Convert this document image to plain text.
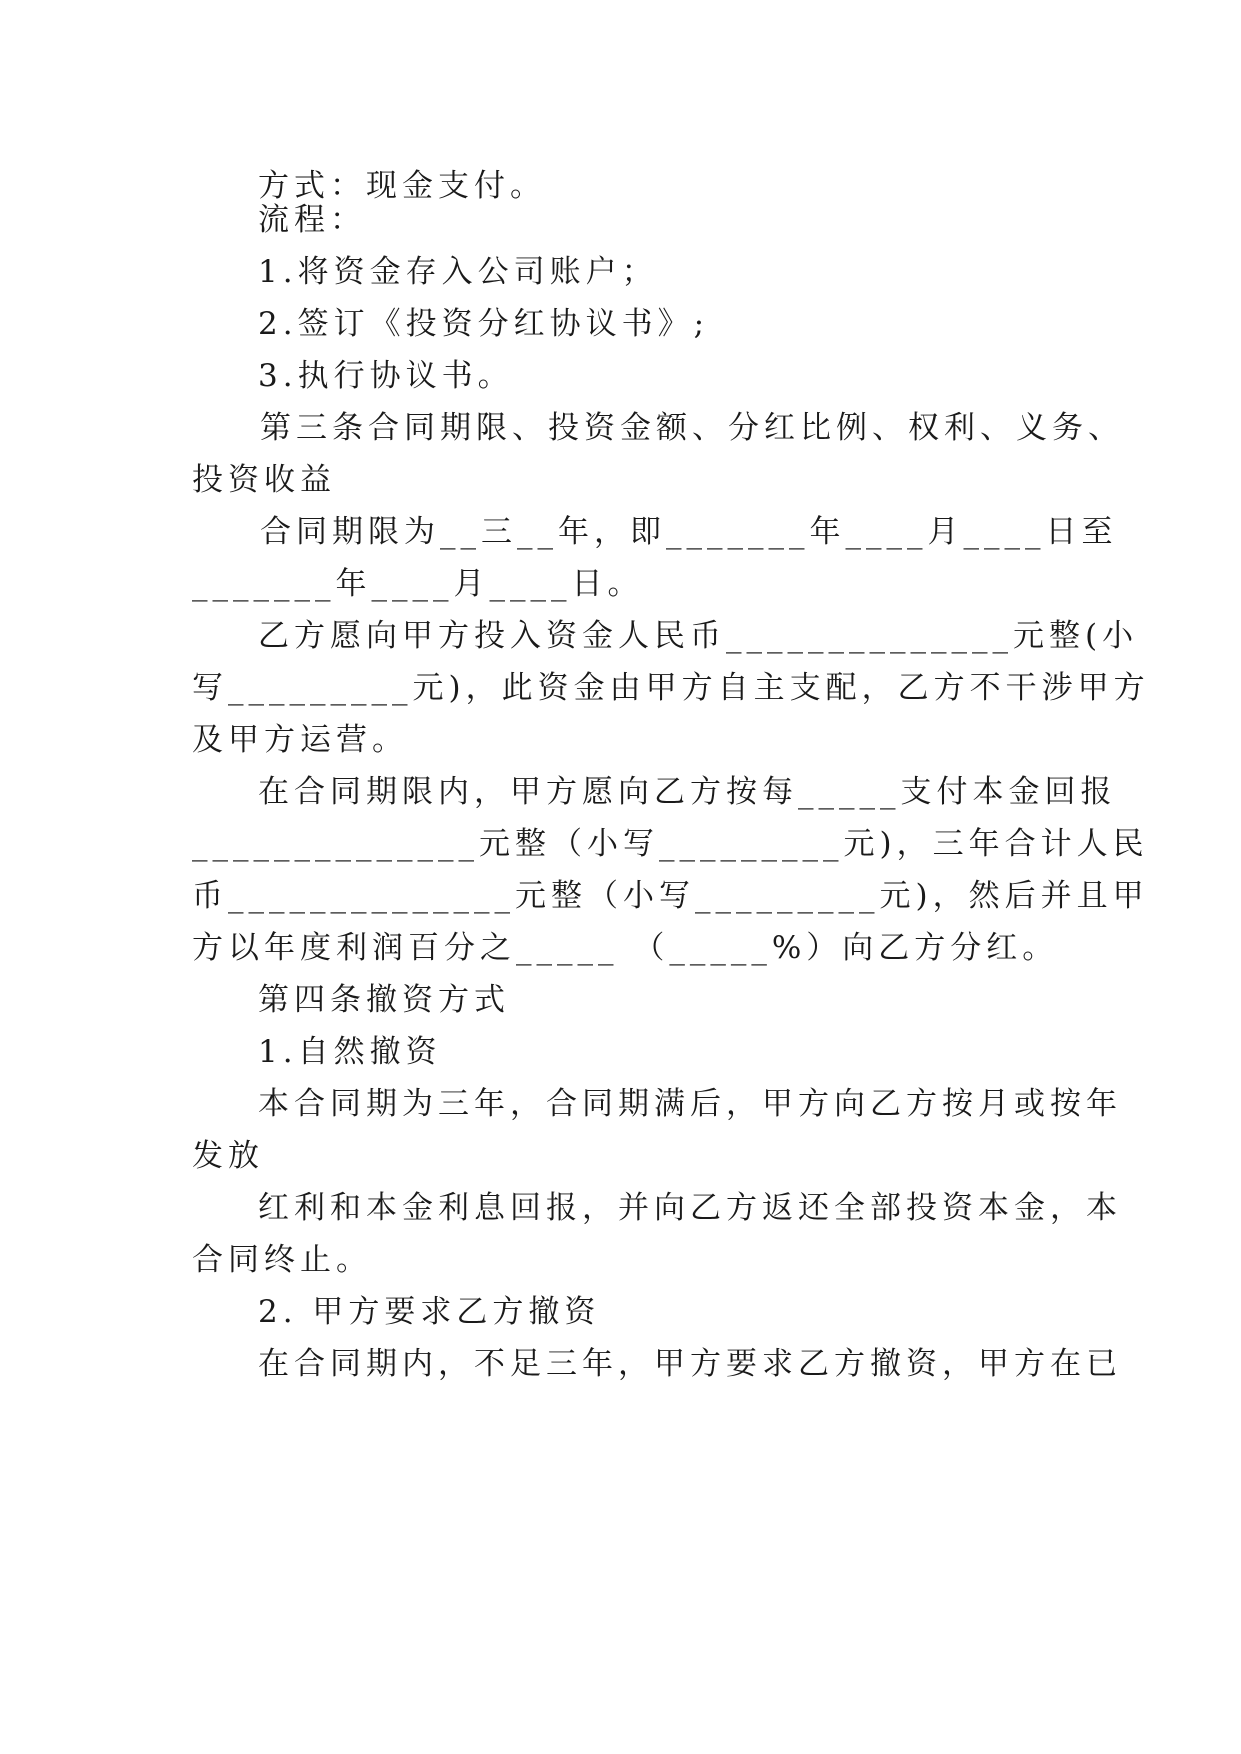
方式：现金支付。
流程：
1.将资金存入公司账户；
2.签订《投资分红协议书》;
3.执行协议书。
第三条合同期限、投资金额、分红比例、权利、义务、
投资收益
合同期限为__三__年，即_______年____月____日至
_______年____月____日。
乙方愿向甲方投入资金人民币______________元整(小
写_________元)，此资金由甲方自主支配，乙方不干涉甲方
及甲方运营。
在合同期限内，甲方愿向乙方按每_____支付本金回报
______________元整（小写_________元)，三年合计人民
币______________元整（小写_________元)，然后并且甲
方以年度利润百分之_____ （_____%）向乙方分红。
第四条撤资方式
1.自然撤资
本合同期为三年，合同期满后，甲方向乙方按月或按年
发放
红利和本金利息回报，并向乙方返还全部投资本金，本
合同终止。
2. 甲方要求乙方撤资
在合同期内，不足三年，甲方要求乙方撤资，甲方在已
